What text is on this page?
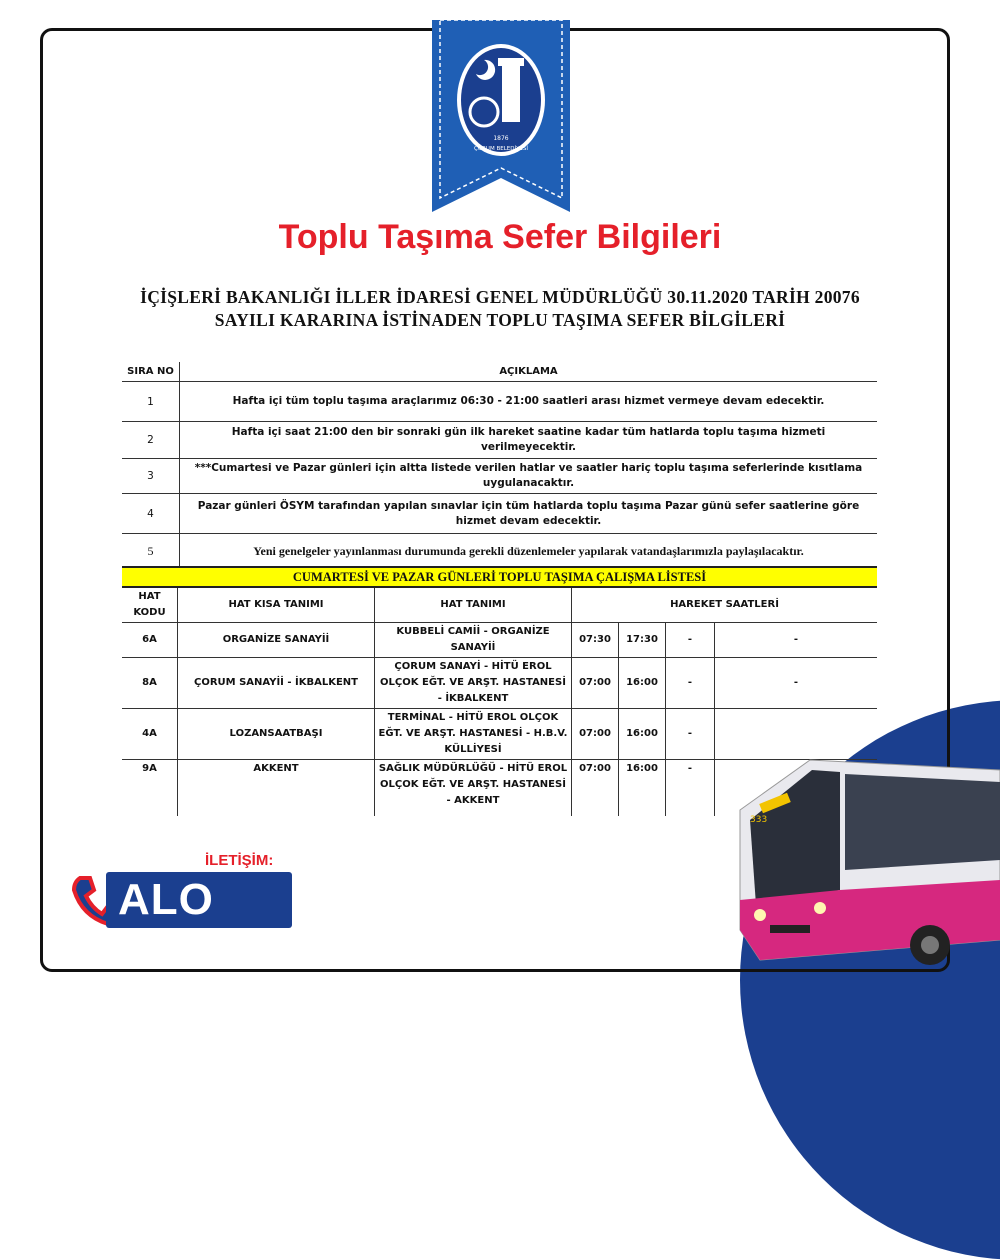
1876
ÇORUM BELEDİYESİ
Toplu Taşıma Sefer Bilgileri
İÇİŞLERİ BAKANLIĞI İLLER İDARESİ GENEL MÜDÜRLÜĞÜ 30.11.2020 TARİH 20076 SAYILI KARARINA İSTİNADEN TOPLU TAŞIMA SEFER BİLGİLERİ
SIRA NO	AÇIKLAMA
1	Hafta içi tüm toplu taşıma araçlarımız 06:30 - 21:00 saatleri arası hizmet vermeye devam edecektir.
2	Hafta içi saat 21:00 den bir sonraki gün ilk hareket saatine kadar tüm hatlarda toplu taşıma hizmeti verilmeyecektir.
3	***Cumartesi ve Pazar günleri için altta listede verilen hatlar ve saatler hariç toplu taşıma seferlerinde kısıtlama uygulanacaktır.
4	Pazar günleri ÖSYM tarafından yapılan sınavlar için tüm hatlarda toplu taşıma Pazar günü sefer saatlerine göre hizmet devam edecektir.
5	Yeni genelgeler yayınlanması durumunda gerekli düzenlemeler yapılarak vatandaşlarımızla paylaşılacaktır.
CUMARTESİ VE PAZAR GÜNLERİ TOPLU TAŞIMA ÇALIŞMA LİSTESİ
HAT KODU	HAT KISA TANIMI	HAT TANIMI	HAREKET SAATLERİ			
6A	ORGANİZE SANAYİİ	KUBBELİ CAMİİ - ORGANİZE SANAYİİ	07:30	17:30	-	-
8A	ÇORUM SANAYİİ - İKBALKENT	ÇORUM SANAYİ - HİTÜ EROL OLÇOK EĞT. VE ARŞT. HASTANESİ - İKBALKENT	07:00	16:00	-	-
4A	LOZANSAATBAŞI	TERMİNAL - HİTÜ EROL OLÇOK EĞT. VE ARŞT. HASTANESİ - H.B.V. KÜLLİYESİ	07:00	16:00	-	
9A	AKKENT	SAĞLIK MÜDÜRLÜĞÜ - HİTÜ EROL OLÇOK EĞT. VE ARŞT. HASTANESİ - AKKENT	07:00	16:00	-	
İLETİŞİM:
ALO 153
333
